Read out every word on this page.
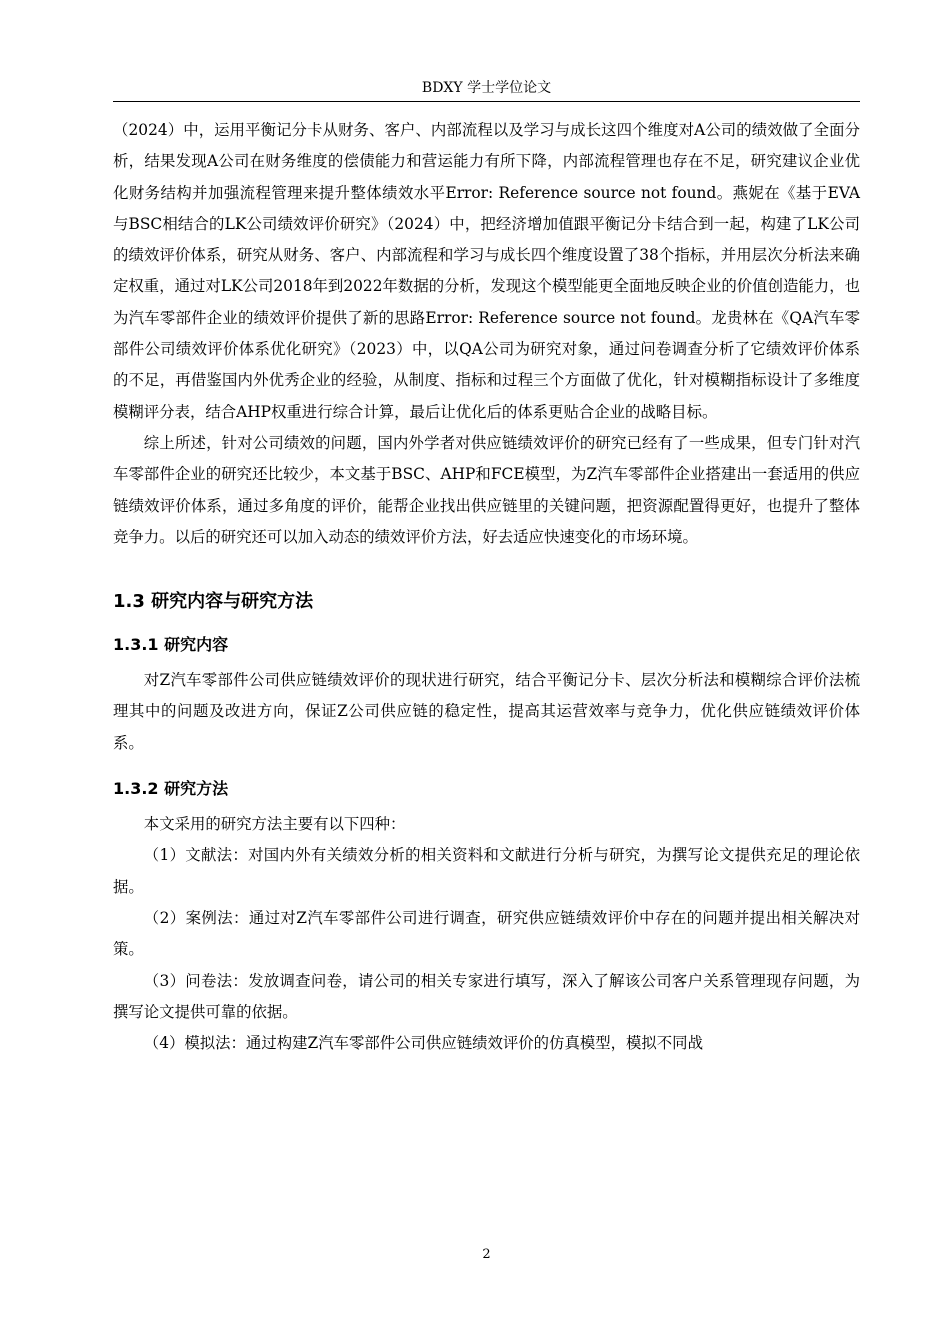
BDXY 学士学位论文

（2024）中，运用平衡记分卡从财务、客户、内部流程以及学习与成长这四个维度对A公司的绩效做了全面分析，结果发现A公司在财务维度的偿债能力和营运能力有所下降，内部流程管理也存在不足，研究建议企业优化财务结构并加强流程管理来提升整体绩效水平Error: Reference source not found。燕妮在《基于EVA与BSC相结合的LK公司绩效评价研究》（2024）中，把经济增加值跟平衡记分卡结合到一起，构建了LK公司的绩效评价体系，研究从财务、客户、内部流程和学习与成长四个维度设置了38个指标，并用层次分析法来确定权重，通过对LK公司2018年到2022年数据的分析，发现这个模型能更全面地反映企业的价值创造能力，也为汽车零部件企业的绩效评价提供了新的思路Error: Reference source not found。龙贵林在《QA汽车零部件公司绩效评价体系优化研究》（2023）中，以QA公司为研究对象，通过问卷调查分析了它绩效评价体系的不足，再借鉴国内外优秀企业的经验，从制度、指标和过程三个方面做了优化，针对模糊指标设计了多维度模糊评分表，结合AHP权重进行综合计算，最后让优化后的体系更贴合企业的战略目标。

综上所述，针对公司绩效的问题，国内外学者对供应链绩效评价的研究已经有了一些成果，但专门针对汽车零部件企业的研究还比较少，本文基于BSC、AHP和FCE模型，为Z汽车零部件企业搭建出一套适用的供应链绩效评价体系，通过多角度的评价，能帮企业找出供应链里的关键问题，把资源配置得更好，也提升了整体竞争力。以后的研究还可以加入动态的绩效评价方法，好去适应快速变化的市场环境。

1.3 研究内容与研究方法
1.3.1 研究内容

对Z汽车零部件公司供应链绩效评价的现状进行研究，结合平衡记分卡、层次分析法和模糊综合评价法梳理其中的问题及改进方向，保证Z公司供应链的稳定性，提高其运营效率与竞争力，优化供应链绩效评价体系。

1.3.2 研究方法

本文采用的研究方法主要有以下四种：

（1）文献法：对国内外有关绩效分析的相关资料和文献进行分析与研究，为撰写论文提供充足的理论依据。

（2）案例法：通过对Z汽车零部件公司进行调查，研究供应链绩效评价中存在的问题并提出相关解决对策。

（3）问卷法：发放调查问卷，请公司的相关专家进行填写，深入了解该公司客户关系管理现存问题，为撰写论文提供可靠的依据。

（4）模拟法：通过构建Z汽车零部件公司供应链绩效评价的仿真模型，模拟不同战

2
